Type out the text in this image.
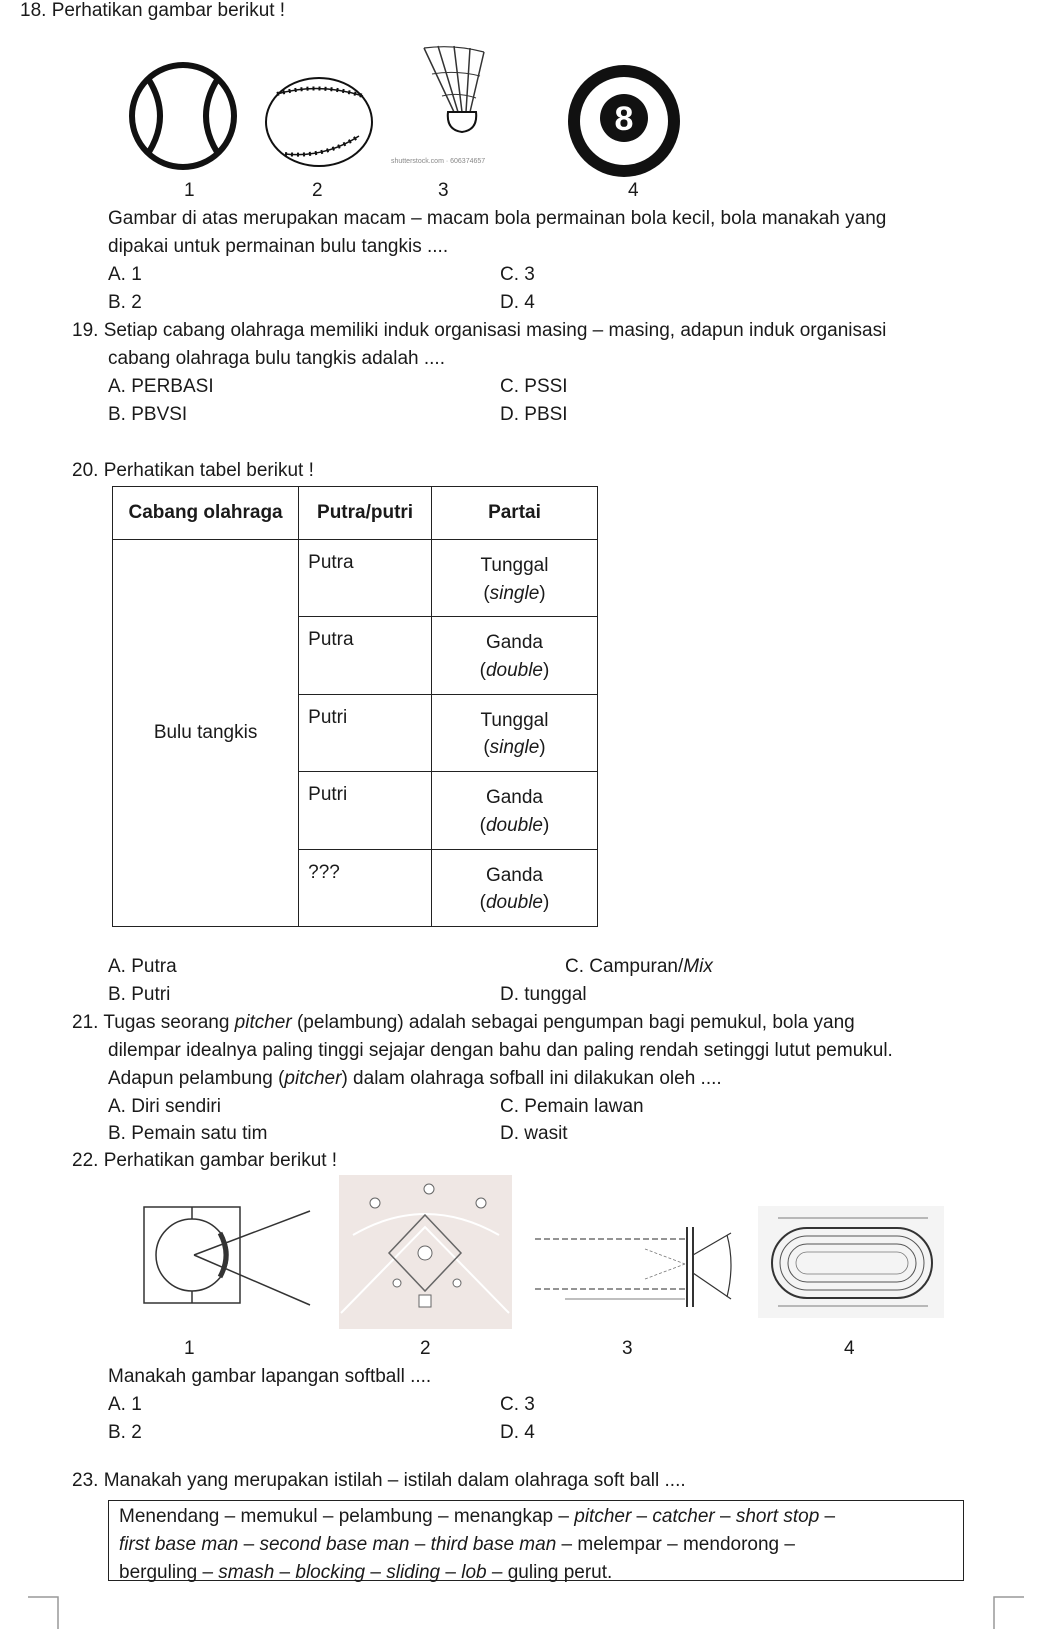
18. Perhatikan gambar berikut !
shutterstock.com · 606374657
8
1	2	3	4
Gambar di atas merupakan macam – macam bola permainan bola kecil, bola manakah yang
dipakai untuk permainan bulu tangkis ....
A. 1	C. 3
B. 2	D. 4
19. Setiap cabang olahraga memiliki induk organisasi masing – masing, adapun induk organisasi
cabang olahraga bulu tangkis adalah ....
A. PERBASI	C. PSSI
B. PBVSI	D. PBSI
20. Perhatikan tabel berikut !
Cabang olahraga	Putra/putri	Partai
Bulu tangkis	Putra	Tunggal
(single)
	Putra	Ganda
(double)
	Putri	Tunggal
(single)
	Putri	Ganda
(double)
	???	Ganda
(double)
A. Putra	C. Campuran/Mix
B. Putri	D. tunggal
21. Tugas seorang pitcher (pelambung) adalah sebagai pengumpan bagi pemukul, bola yang
dilempar idealnya paling tinggi sejajar dengan bahu dan paling rendah setinggi lutut pemukul.
Adapun pelambung (pitcher) dalam olahraga sofball ini dilakukan oleh ....
A. Diri sendiri	C. Pemain lawan
B. Pemain satu tim	D. wasit
22. Perhatikan gambar berikut !
1	2	3	4
Manakah gambar lapangan softball ....
A. 1	C. 3
B. 2	D. 4
23. Manakah yang merupakan istilah – istilah dalam olahraga soft ball ....
Menendang – memukul – pelambung – menangkap – pitcher – catcher – short stop –
first base man – second base man – third base man – melempar – mendorong –
berguling – smash – blocking – sliding – lob – guling perut.
